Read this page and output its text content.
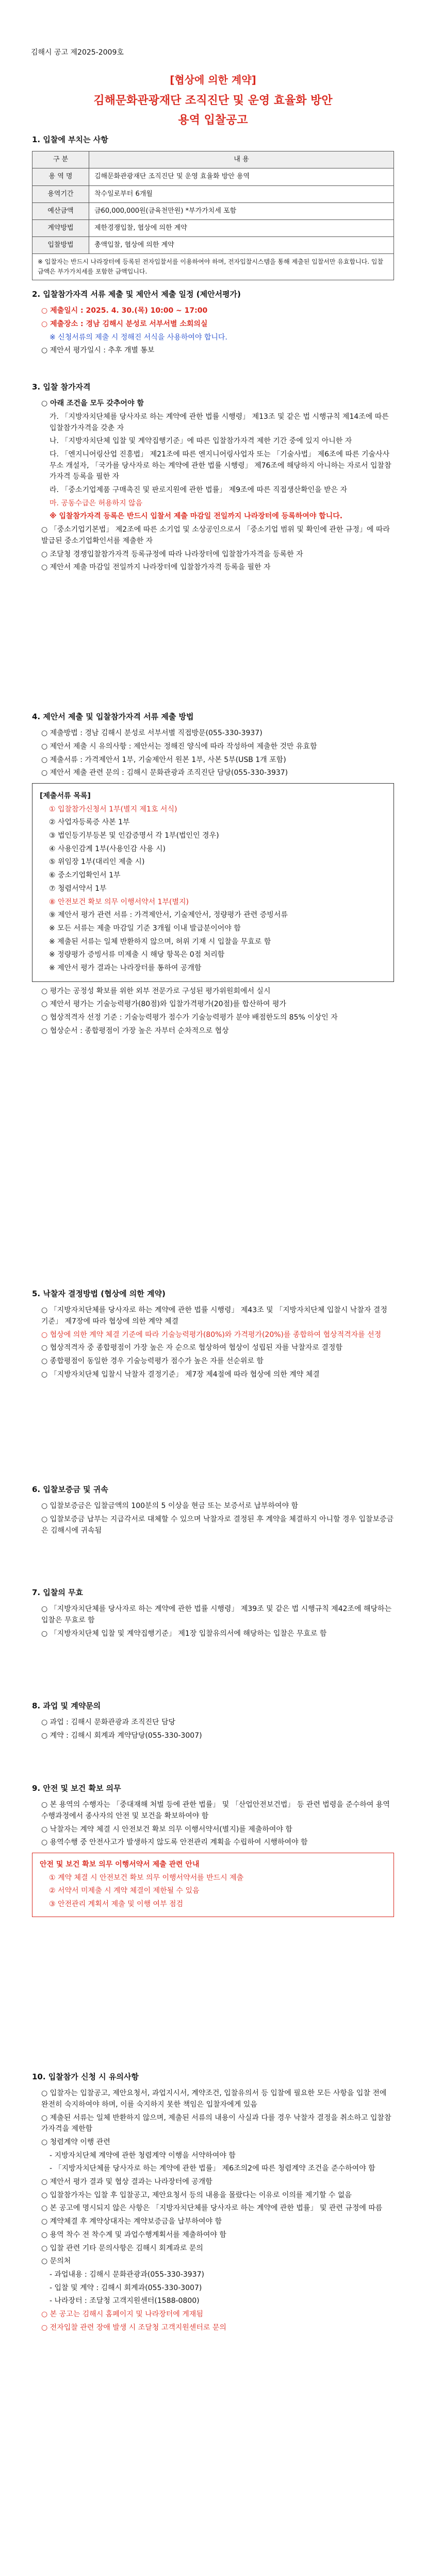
김해시 공고 제2025-2009호
[협상에 의한 계약]
김해문화관광재단 조직진단 및 운영 효율화 방안
용역 입찰공고
1. 입찰에 부치는 사항
구 분	내 용
용 역 명	김해문화관광재단 조직진단 및 운영 효율화 방안 용역
용역기간	착수일로부터 6개월
예산금액	금60,000,000원(금육천만원) *부가가치세 포함
계약방법	제한경쟁입찰, 협상에 의한 계약
입찰방법	총액입찰, 협상에 의한 계약
※ 입찰자는 반드시 나라장터에 등록된 전자입찰서를 이용하여야 하며, 전자입찰시스템을 통해 제출된 입찰서만 유효합니다. 입찰금액은 부가가치세를 포함한 금액입니다.	
2. 입찰참가자격 서류 제출 및 제안서 제출 일정 (제안서평가)
○ 제출일시 : 2025. 4. 30.(목) 10:00 ~ 17:00
○ 제출장소 : 경남 김해시 분성로 서부서별 소회의실
※ 신청서류의 제출 시 정해진 서식을 사용하여야 합니다.
○ 제안서 평가일시 : 추후 개별 통보
3. 입찰 참가자격
○ 아래 조건을 모두 갖추어야 함
가. 「지방자치단체를 당사자로 하는 계약에 관한 법률 시행령」 제13조 및 같은 법 시행규칙 제14조에 따른 입찰참가자격을 갖춘 자
나. 「지방자치단체 입찰 및 계약집행기준」에 따른 입찰참가자격 제한 기간 중에 있지 아니한 자
다. 「엔지니어링산업 진흥법」 제21조에 따른 엔지니어링사업자 또는 「기술사법」 제6조에 따른 기술사사무소 개설자, 「국가를 당사자로 하는 계약에 관한 법률 시행령」 제76조에 해당하지 아니하는 자로서 입찰참가자격 등록을 필한 자
라. 「중소기업제품 구매촉진 및 판로지원에 관한 법률」 제9조에 따른 직접생산확인을 받은 자
마. 공동수급은 허용하지 않음
※ 입찰참가자격 등록은 반드시 입찰서 제출 마감일 전일까지 나라장터에 등록하여야 합니다.
○ 「중소기업기본법」 제2조에 따른 소기업 및 소상공인으로서 「중소기업 범위 및 확인에 관한 규정」에 따라 발급된 중소기업확인서를 제출한 자
○ 조달청 경쟁입찰참가자격 등록규정에 따라 나라장터에 입찰참가자격을 등록한 자
○ 제안서 제출 마감일 전일까지 나라장터에 입찰참가자격 등록을 필한 자
4. 제안서 제출 및 입찰참가자격 서류 제출 방법
○ 제출방법 : 경남 김해시 분성로 서부서별 직접방문(055-330-3937)
○ 제안서 제출 시 유의사항 : 제안서는 정해진 양식에 따라 작성하여 제출한 것만 유효함
○ 제출서류 : 가격제안서 1부, 기술제안서 원본 1부, 사본 5부(USB 1개 포함)
○ 제안서 제출 관련 문의 : 김해시 문화관광과 조직진단 담당(055-330-3937)
[제출서류 목록]
① 입찰참가신청서 1부(별지 제1호 서식)
② 사업자등록증 사본 1부
③ 법인등기부등본 및 인감증명서 각 1부(법인인 경우)
④ 사용인감계 1부(사용인감 사용 시)
⑤ 위임장 1부(대리인 제출 시)
⑥ 중소기업확인서 1부
⑦ 청렴서약서 1부
⑧ 안전보건 확보 의무 이행서약서 1부(별지)
⑨ 제안서 평가 관련 서류 : 가격제안서, 기술제안서, 정량평가 관련 증빙서류
※ 모든 서류는 제출 마감일 기준 3개월 이내 발급분이어야 함
※ 제출된 서류는 일체 반환하지 않으며, 허위 기재 시 입찰을 무효로 함
※ 정량평가 증빙서류 미제출 시 해당 항목은 0점 처리함
※ 제안서 평가 결과는 나라장터를 통하여 공개함
○ 평가는 공정성 확보를 위한 외부 전문가로 구성된 평가위원회에서 실시
○ 제안서 평가는 기술능력평가(80점)와 입찰가격평가(20점)를 합산하여 평가
○ 협상적격자 선정 기준 : 기술능력평가 점수가 기술능력평가 분야 배점한도의 85% 이상인 자
○ 협상순서 : 종합평점이 가장 높은 자부터 순차적으로 협상
5. 낙찰자 결정방법 (협상에 의한 계약)
○ 「지방자치단체를 당사자로 하는 계약에 관한 법률 시행령」 제43조 및 「지방자치단체 입찰시 낙찰자 결정기준」 제7장에 따라 협상에 의한 계약 체결
○ 협상에 의한 계약 체결 기준에 따라 기술능력평가(80%)와 가격평가(20%)를 종합하여 협상적격자를 선정
○ 협상적격자 중 종합평점이 가장 높은 자 순으로 협상하여 협상이 성립된 자를 낙찰자로 결정함
○ 종합평점이 동일한 경우 기술능력평가 점수가 높은 자를 선순위로 함
○ 「지방자치단체 입찰시 낙찰자 결정기준」 제7장 제4절에 따라 협상에 의한 계약 체결
6. 입찰보증금 및 귀속
○ 입찰보증금은 입찰금액의 100분의 5 이상을 현금 또는 보증서로 납부하여야 함
○ 입찰보증금 납부는 지급각서로 대체할 수 있으며 낙찰자로 결정된 후 계약을 체결하지 아니할 경우 입찰보증금은 김해시에 귀속됨
7. 입찰의 무효
○ 「지방자치단체를 당사자로 하는 계약에 관한 법률 시행령」 제39조 및 같은 법 시행규칙 제42조에 해당하는 입찰은 무효로 함
○ 「지방자치단체 입찰 및 계약집행기준」 제1장 입찰유의서에 해당하는 입찰은 무효로 함
8. 과업 및 계약문의
○ 과업 : 김해시 문화관광과 조직진단 담당
○ 계약 : 김해시 회계과 계약담당(055-330-3007)
9. 안전 및 보건 확보 의무
○ 본 용역의 수행자는 「중대재해 처벌 등에 관한 법률」 및 「산업안전보건법」 등 관련 법령을 준수하여 용역 수행과정에서 종사자의 안전 및 보건을 확보하여야 함
○ 낙찰자는 계약 체결 시 안전보건 확보 의무 이행서약서(별지)를 제출하여야 함
○ 용역수행 중 안전사고가 발생하지 않도록 안전관리 계획을 수립하여 시행하여야 함
안전 및 보건 확보 의무 이행서약서 제출 관련 안내
① 계약 체결 시 안전보건 확보 의무 이행서약서를 반드시 제출
② 서약서 미제출 시 계약 체결이 제한될 수 있음
③ 안전관리 계획서 제출 및 이행 여부 점검
10. 입찰참가 신청 시 유의사항
○ 입찰자는 입찰공고, 제안요청서, 과업지시서, 계약조건, 입찰유의서 등 입찰에 필요한 모든 사항을 입찰 전에 완전히 숙지하여야 하며, 이를 숙지하지 못한 책임은 입찰자에게 있음
○ 제출된 서류는 일체 반환하지 않으며, 제출된 서류의 내용이 사실과 다를 경우 낙찰자 결정을 취소하고 입찰참가자격을 제한함
○ 청렴계약 이행 관련
- 지방자치단체 계약에 관한 청렴계약 이행을 서약하여야 함
- 「지방자치단체를 당사자로 하는 계약에 관한 법률」 제6조의2에 따른 청렴계약 조건을 준수하여야 함
○ 제안서 평가 결과 및 협상 결과는 나라장터에 공개함
○ 입찰참가자는 입찰 후 입찰공고, 제안요청서 등의 내용을 몰랐다는 이유로 이의를 제기할 수 없음
○ 본 공고에 명시되지 않은 사항은 「지방자치단체를 당사자로 하는 계약에 관한 법률」 및 관련 규정에 따름
○ 계약체결 후 계약상대자는 계약보증금을 납부하여야 함
○ 용역 착수 전 착수계 및 과업수행계획서를 제출하여야 함
○ 입찰 관련 기타 문의사항은 김해시 회계과로 문의
○ 문의처
- 과업내용 : 김해시 문화관광과(055-330-3937)
- 입찰 및 계약 : 김해시 회계과(055-330-3007)
- 나라장터 : 조달청 고객지원센터(1588-0800)
○ 본 공고는 김해시 홈페이지 및 나라장터에 게재됨
○ 전자입찰 관련 장애 발생 시 조달청 고객지원센터로 문의
